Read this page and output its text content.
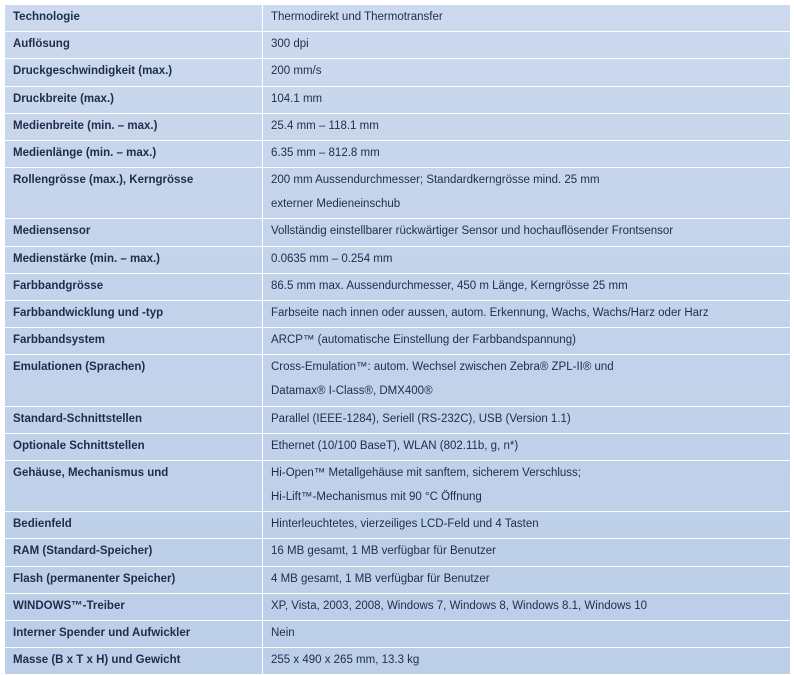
Technologie	Thermodirekt und Thermotransfer
Auflösung	300 dpi
Druckgeschwindigkeit (max.)	200 mm/s
Druckbreite (max.)	104.1 mm
Medienbreite (min. – max.)	25.4 mm – 118.1 mm
Medienlänge (min. – max.)	6.35 mm – 812.8 mm
Rollengrösse (max.), Kerngrösse	200 mm Aussendurchmesser; Standardkerngrösse mind. 25 mm
externer Medieneinschub

Mediensensor	Vollständig einstellbarer rückwärtiger Sensor und hochauflösender Frontsensor
Medienstärke (min. – max.)	0.0635 mm – 0.254 mm
Farbbandgrösse	86.5 mm max. Aussendurchmesser, 450 m Länge, Kerngrösse 25 mm
Farbbandwicklung und -typ	Farbseite nach innen oder aussen, autom. Erkennung, Wachs, Wachs/Harz oder Harz
Farbbandsystem	ARCP™ (automatische Einstellung der Farbbandspannung)
Emulationen (Sprachen)	Cross-Emulation™: autom. Wechsel zwischen Zebra® ZPL-II® und
Datamax® I-Class®, DMX400®

Standard-Schnittstellen	Parallel (IEEE-1284), Seriell (RS-232C), USB (Version 1.1)
Optionale Schnittstellen	Ethernet (10/100 BaseT), WLAN (802.11b, g, n*)
Gehäuse, Mechanismus und	Hi-Open™ Metallgehäuse mit sanftem, sicherem Verschluss;
Hi-Lift™-Mechanismus mit 90 °C Öffnung

Bedienfeld	Hinterleuchtetes, vierzeiliges LCD-Feld und 4 Tasten
RAM (Standard-Speicher)	16 MB gesamt, 1 MB verfügbar für Benutzer
Flash (permanenter Speicher)	4 MB gesamt, 1 MB verfügbar für Benutzer
WINDOWS™-Treiber	XP, Vista, 2003, 2008, Windows 7, Windows 8, Windows 8.1, Windows 10
Interner Spender und Aufwickler	Nein
Masse (B x T x H) und Gewicht	255 x 490 x 265 mm, 13.3 kg
